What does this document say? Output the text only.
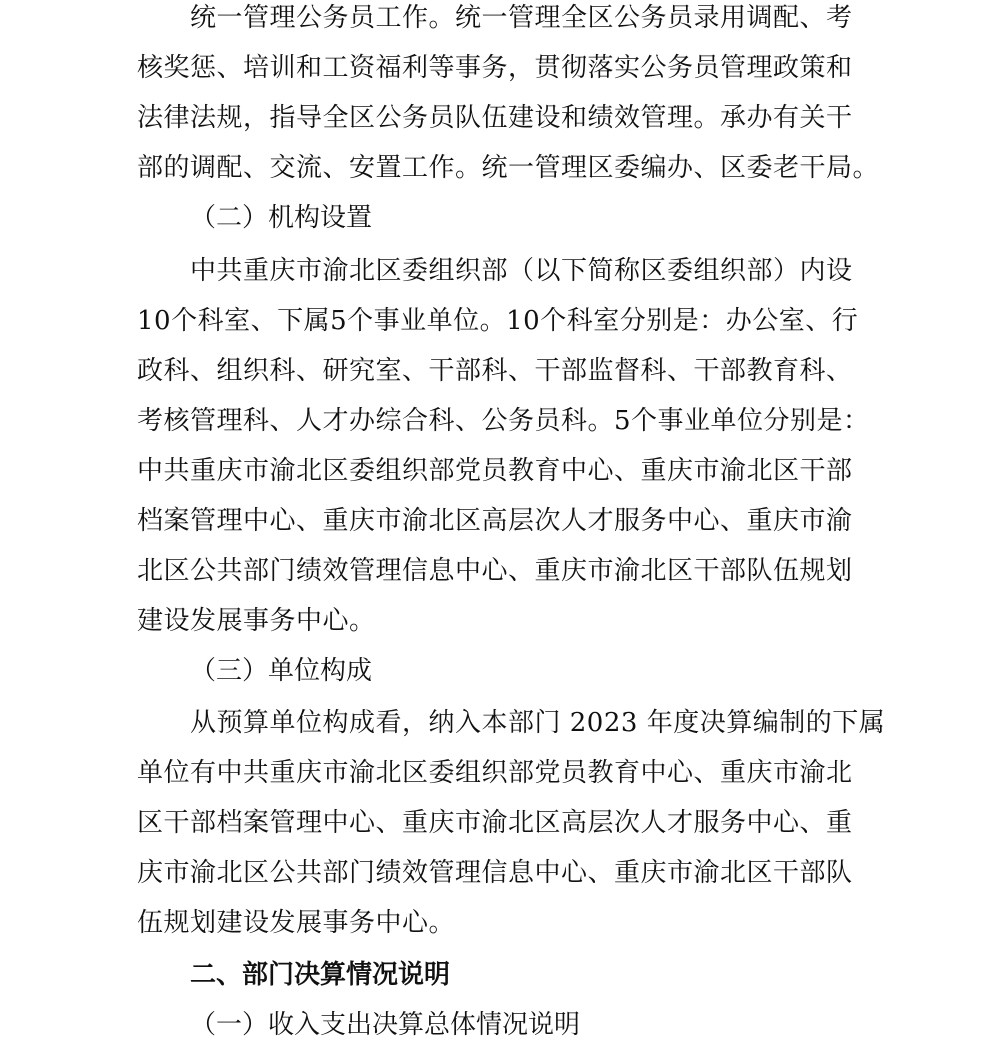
统一管理公务员工作。统一管理全区公务员录用调配、考
核奖惩、培训和工资福利等事务，贯彻落实公务员管理政策和
法律法规，指导全区公务员队伍建设和绩效管理。承办有关干
部的调配、交流、安置工作。统一管理区委编办、区委老干局。
（二）机构设置
中共重庆市渝北区委组织部（以下简称区委组织部）内设
10个科室、下属5个事业单位。10个科室分别是：办公室、行
政科、组织科、研究室、干部科、干部监督科、干部教育科、
考核管理科、人才办综合科、公务员科。5个事业单位分别是：
中共重庆市渝北区委组织部党员教育中心、重庆市渝北区干部
档案管理中心、重庆市渝北区高层次人才服务中心、重庆市渝
北区公共部门绩效管理信息中心、重庆市渝北区干部队伍规划
建设发展事务中心。
（三）单位构成
从预算单位构成看，纳入本部门 2023 年度决算编制的下属
单位有中共重庆市渝北区委组织部党员教育中心、重庆市渝北
区干部档案管理中心、重庆市渝北区高层次人才服务中心、重
庆市渝北区公共部门绩效管理信息中心、重庆市渝北区干部队
伍规划建设发展事务中心。
二、部门决算情况说明
（一）收入支出决算总体情况说明
